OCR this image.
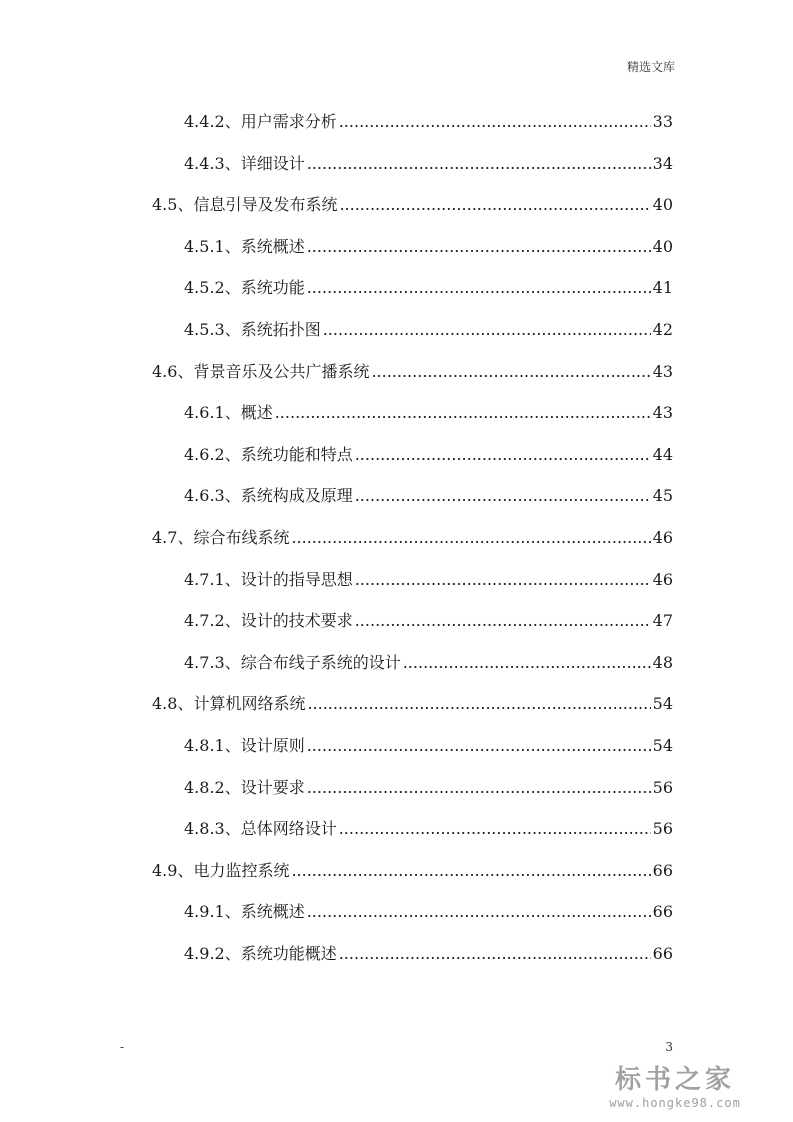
精选文库
4.4.2、用户需求分析 .....	33
4.4.3、详细设计 .....	34
4.5、信息引导及发布系统 .....	40
4.5.1、系统概述 .....	40
4.5.2、系统功能 .....	41
4.5.3、系统拓扑图 .....	42
4.6、背景音乐及公共广播系统 .....	43
4.6.1、概述 .....	43
4.6.2、系统功能和特点 .....	44
4.6.3、系统构成及原理 .....	45
4.7、综合布线系统 .....	46
4.7.1、设计的指导思想 .....	46
4.7.2、设计的技术要求 .....	47
4.7.3、综合布线子系统的设计 .....	48
4.8、计算机网络系统 .....	54
4.8.1、设计原则 .....	54
4.8.2、设计要求 .....	56
4.8.3、总体网络设计 .....	56
4.9、电力监控系统 .....	66
4.9.1、系统概述 .....	66
4.9.2、系统功能概述 .....	66
-	3
标书之家
www.hongke98.com
